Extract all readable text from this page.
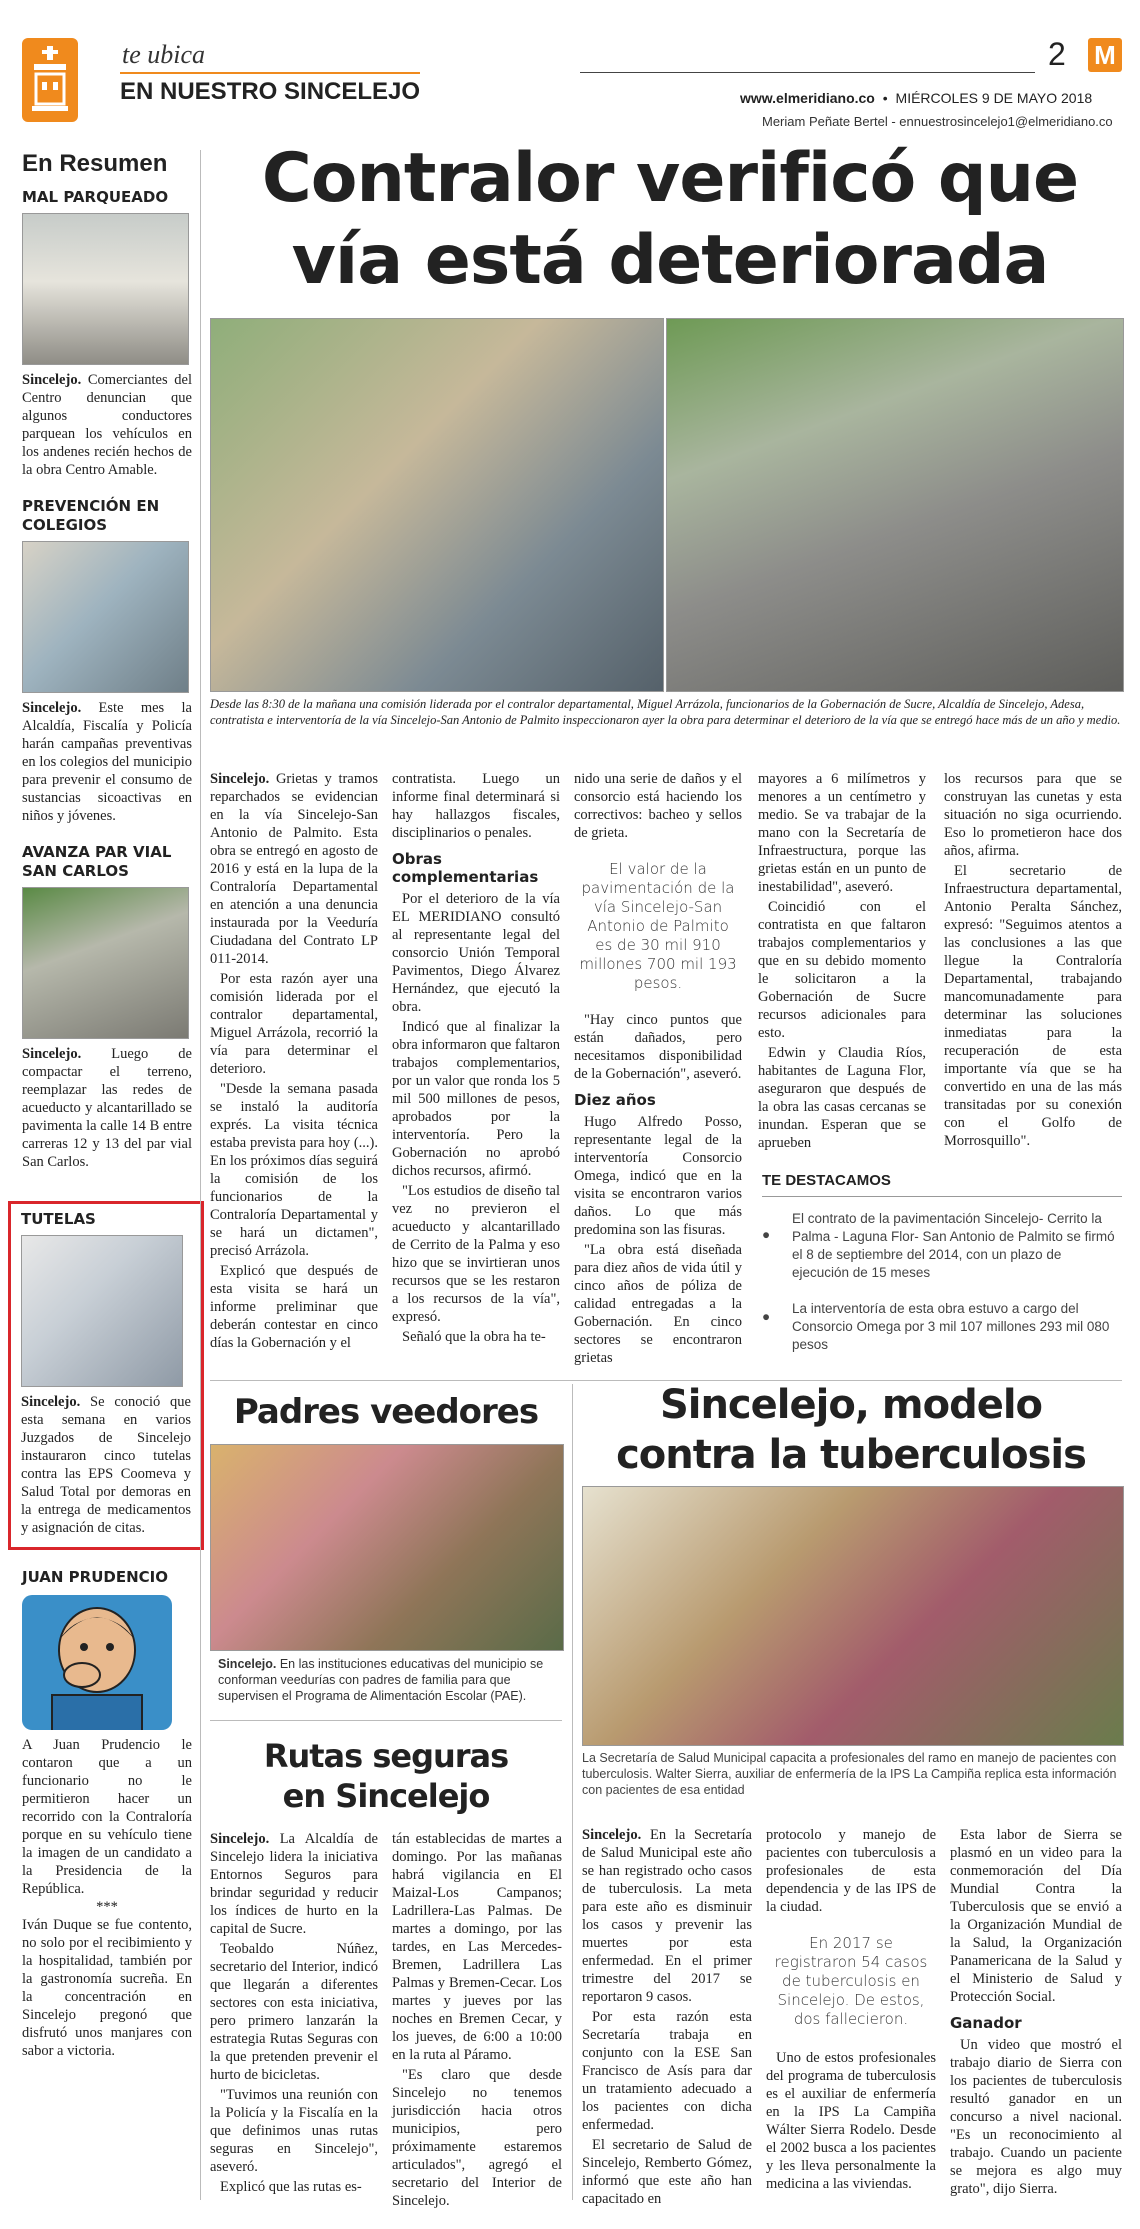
te ubica
EN NUESTRO SINCELEJO
2 M
www.elmeridiano.co • MIÉRCOLES 9 DE MAYO 2018
Meriam Peñate Bertel - ennuestrosincelejo1@elmeridiano.co
En Resumen
MAL PARQUEADO
Sincelejo. Comerciantes del Centro denuncian que algunos conductores parquean los vehículos en los andenes recién hechos de la obra Centro Amable.
PREVENCIÓN EN COLEGIOS
Sincelejo. Este mes la Alcaldía, Fiscalía y Policía harán campañas preventivas en los colegios del municipio para prevenir el consumo de sustancias sicoactivas en niños y jóvenes.
AVANZA PAR VIAL SAN CARLOS
Sincelejo. Luego de compactar el terreno, reemplazar las redes de acueducto y alcantarillado se pavimenta la calle 14 B entre carreras 12 y 13 del par vial San Carlos.
TUTELAS
Sincelejo. Se conoció que esta semana en varios Juzgados de Sincelejo instauraron cinco tutelas contra las EPS Coomeva y Salud Total por demoras en la entrega de medicamentos y asignación de citas.
JUAN PRUDENCIO
A Juan Prudencio le contaron que a un funcionario no le permitieron hacer un recorrido con la Contraloría porque en su vehículo tiene la imagen de un candidato a la Presidencia de la República.
***
Iván Duque se fue contento, no solo por el recibimiento y la hospitalidad, también por la gastronomía sucreña. En la concentración en Sincelejo pregonó que disfrutó unos manjares con sabor a victoria.
Contralor verificó que
vía está deteriorada
Desde las 8:30 de la mañana una comisión liderada por el contralor departamental, Miguel Arrázola, funcionarios de la Gobernación de Sucre, Alcaldía de Sincelejo, Adesa, contratista e interventoría de la vía Sincelejo-San Antonio de Palmito inspeccionaron ayer la obra para determinar el deterioro de la vía que se entregó hace más de un año y medio.

Sincelejo. Grietas y tramos reparchados se evidencian en la vía Sincelejo-San Antonio de Palmito. Esta obra se entregó en agosto de 2016 y está en la lupa de la Contraloría Departamental en atención a una denuncia instaurada por la Veeduría Ciudadana del Contrato LP 011-2014.

Por esta razón ayer una comisión liderada por el contralor departamental, Miguel Arrázola, recorrió la vía para determinar el deterioro.

"Desde la semana pasada se instaló la auditoría exprés. La visita técnica estaba prevista para hoy (...). En los próximos días seguirá la comisión de los funcionarios de la Contraloría Departamental y se hará un dictamen", precisó Arrázola.

Explicó que después de esta visita se hará un informe preliminar que deberán contestar en cinco días la Gobernación y el

contratista. Luego un informe final determinará si hay hallazgos fiscales, disciplinarios o penales.

Obras complementarias

Por el deterioro de la vía EL MERIDIANO consultó al representante legal del consorcio Unión Temporal Pavimentos, Diego Álvarez Hernández, que ejecutó la obra.

Indicó que al finalizar la obra informaron que faltaron trabajos complementarios, por un valor que ronda los 5 mil 500 millones de pesos, aprobados por la interventoría. Pero la Gobernación no aprobó dichos recursos, afirmó.

"Los estudios de diseño tal vez no previeron el acueducto y alcantarillado de Cerrito de la Palma y eso hizo que se invirtieran unos recursos que se les restaron a los recursos de la vía", expresó.

Señaló que la obra ha te-

nido una serie de daños y el consorcio está haciendo los correctivos: bacheo y sellos de grieta.

El valor de la pavimentación de la vía Sincelejo-San Antonio de Palmito es de 30 mil 910 millones 700 mil 193 pesos.

"Hay cinco puntos que están dañados, pero necesitamos disponibilidad de la Gobernación", aseveró.

Diez años

Hugo Alfredo Posso, representante legal de la interventoría Consorcio Omega, indicó que en la visita se encontraron varios daños. Lo que más predomina son las fisuras.

"La obra está diseñada para diez años de vida útil y cinco años de póliza de calidad entregadas a la Gobernación. En cinco sectores se encontraron grietas

mayores a 6 milímetros y menores a un centímetro y medio. Se va trabajar de la mano con la Secretaría de Infraestructura, porque las grietas están en un punto de inestabilidad", aseveró.

Coincidió con el contratista en que faltaron trabajos complementarios y que en su debido momento le solicitaron a la Gobernación de Sucre recursos adicionales para esto.

Edwin y Claudia Ríos, habitantes de Laguna Flor, aseguraron que después de la obra las casas cercanas se inundan. Esperan que se aprueben

los recursos para que se construyan las cunetas y esta situación no siga ocurriendo. Eso lo prometieron hace dos años, afirma.

El secretario de Infraestructura departamental, Antonio Peralta Sánchez, expresó: "Seguimos atentos a las conclusiones a las que llegue la Contraloría Departamental, trabajando mancomunadamente para determinar las soluciones inmediatas para la recuperación de esta importante vía que se ha convertido en una de las más transitadas por su conexión con el Golfo de Morrosquillo".

TE DESTACAMOS
●
El contrato de la pavimentación Sincelejo- Cerrito la Palma - Laguna Flor- San Antonio de Palmito se firmó el 8 de septiembre del 2014, con un plazo de ejecución de 15 meses
●
La interventoría de esta obra estuvo a cargo del Consorcio Omega por 3 mil 107 millones 293 mil 080 pesos
Padres veedores
Sincelejo. En las instituciones educativas del municipio se conforman veedurías con padres de familia para que supervisen el Programa de Alimentación Escolar (PAE).
Rutas seguras
en Sincelejo

Sincelejo. La Alcaldía de Sincelejo lidera la iniciativa Entornos Seguros para brindar seguridad y reducir los índices de hurto en la capital de Sucre.

Teobaldo Núñez, secretario del Interior, indicó que llegarán a diferentes sectores con esta iniciativa, pero primero lanzarán la estrategia Rutas Seguras con la que pretenden prevenir el hurto de bicicletas.

"Tuvimos una reunión con la Policía y la Fiscalía en la que definimos unas rutas seguras en Sincelejo", aseveró.

Explicó que las rutas es-

tán establecidas de martes a domingo. Por las mañanas habrá vigilancia en El Maizal-Los Campanos; Ladrillera-Las Palmas. De martes a domingo, por las tardes, en Las Mercedes-Bremen, Ladrillera Las Palmas y Bremen-Cecar. Los martes y jueves por las noches en Bremen Cecar, y los jueves, de 6:00 a 10:00 en la ruta al Páramo.

"Es claro que desde Sincelejo no tenemos jurisdicción hacia otros municipios, pero próximamente estaremos articulados", agregó el secretario del Interior de Sincelejo.

Sincelejo, modelo
contra la tuberculosis
La Secretaría de Salud Municipal capacita a profesionales del ramo en manejo de pacientes con tuberculosis. Walter Sierra, auxiliar de enfermería de la IPS La Campiña replica esta información con pacientes de esa entidad

Sincelejo. En la Secretaría de Salud Municipal este año se han registrado ocho casos de tuberculosis. La meta para este año es disminuir los casos y prevenir las muertes por esta enfermedad. En el primer trimestre del 2017 se reportaron 9 casos.

Por esta razón esta Secretaría trabaja en conjunto con la ESE San Francisco de Asís para dar un tratamiento adecuado a los pacientes con dicha enfermedad.

El secretario de Salud de Sincelejo, Remberto Gómez, informó que este año han capacitado en

protocolo y manejo de pacientes con tuberculosis a profesionales de esta dependencia y de las IPS de la ciudad.

En 2017 se registraron 54 casos de tuberculosis en Sincelejo. De estos, dos fallecieron.

Uno de estos profesionales del programa de tuberculosis es el auxiliar de enfermería en la IPS La Campiña Wálter Sierra Rodelo. Desde el 2002 busca a los pacientes y les lleva personalmente la medicina a las viviendas.

Esta labor de Sierra se plasmó en un video para la conmemoración del Día Mundial Contra la Tuberculosis que se envió a la Organización Mundial de la Salud, la Organización Panamericana de la Salud y el Ministerio de Salud y Protección Social.

Ganador

Un video que mostró el trabajo diario de Sierra con los pacientes de tuberculosis resultó ganador en un concurso a nivel nacional. "Es un reconocimiento al trabajo. Cuando un paciente se mejora es algo muy grato", dijo Sierra.
